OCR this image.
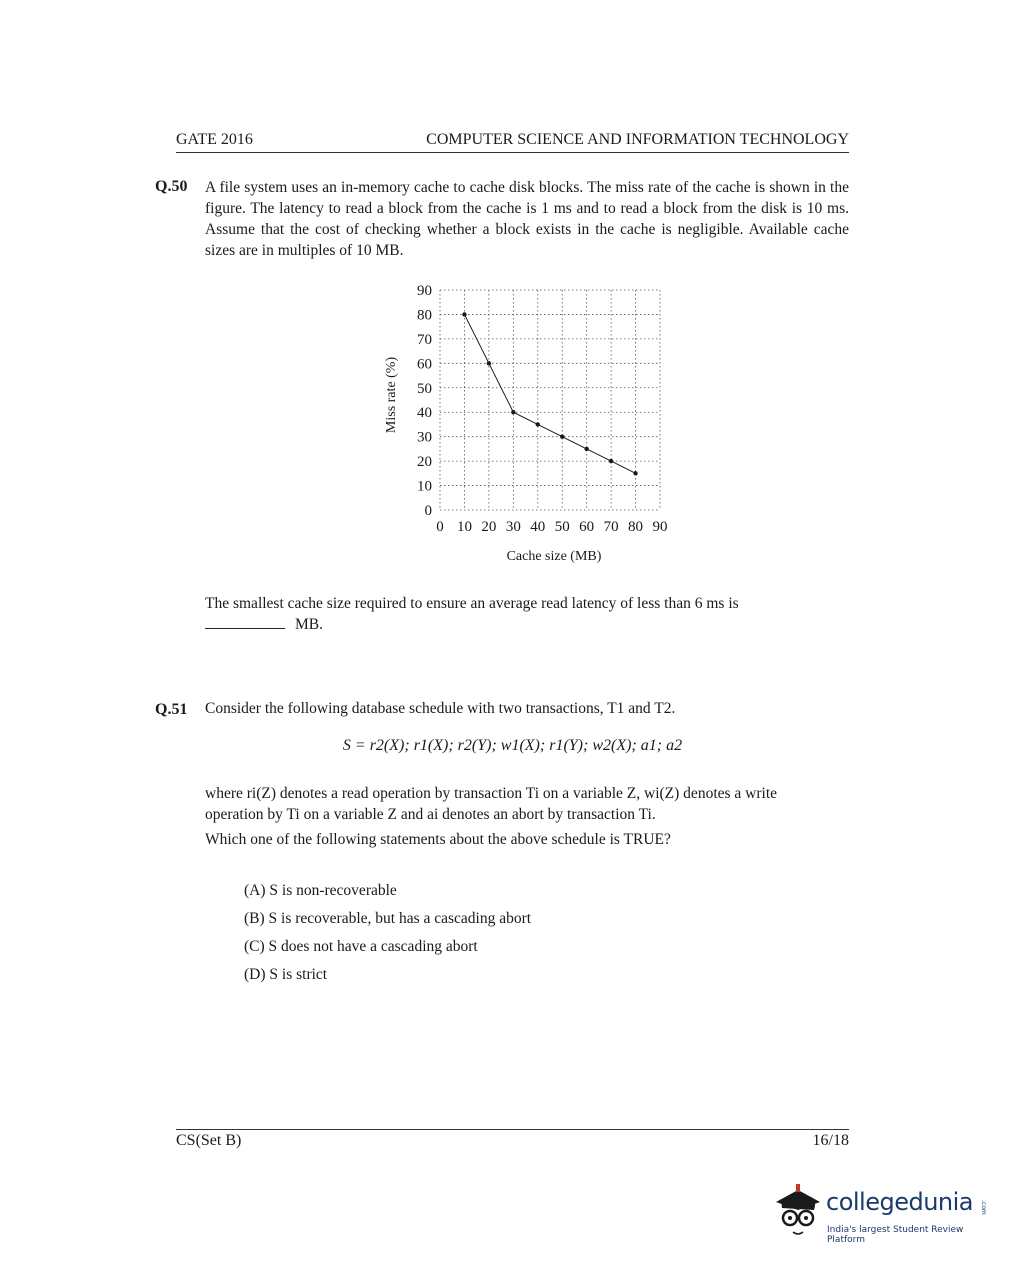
GATE 2016	COMPUTER SCIENCE AND INFORMATION TECHNOLOGY
Q.50 A file system uses an in-memory cache to cache disk blocks. The miss rate of the cache is shown in the figure. The latency to read a block from the cache is 1 ms and to read a block from the disk is 10 ms. Assume that the cost of checking whether a block exists in the cache is negligible. Available cache sizes are in multiples of 10 MB.
0
10
20
30
40
50
60
70
80
90
0 10 20 30 40 50 60 70 80 90
Miss rate (%)
Cache size (MB)
The smallest cache size required to ensure an average read latency of less than 6 ms is
MB.
Q.51 Consider the following database schedule with two transactions, T1 and T2.
S = r2(X); r1(X); r2(Y); w1(X); r1(Y); w2(X); a1; a2
where ri(Z) denotes a read operation by transaction Ti on a variable Z, wi(Z) denotes a write
operation by Ti on a variable Z and ai denotes an abort by transaction Ti.
Which one of the following statements about the above schedule is TRUE?
(A) S is non-recoverable
(B) S is recoverable, but has a cascading abort
(C) S does not have a cascading abort
(D) S is strict
CS(Set B)	16/18
collegedunia
India's largest Student Review Platform
.com
